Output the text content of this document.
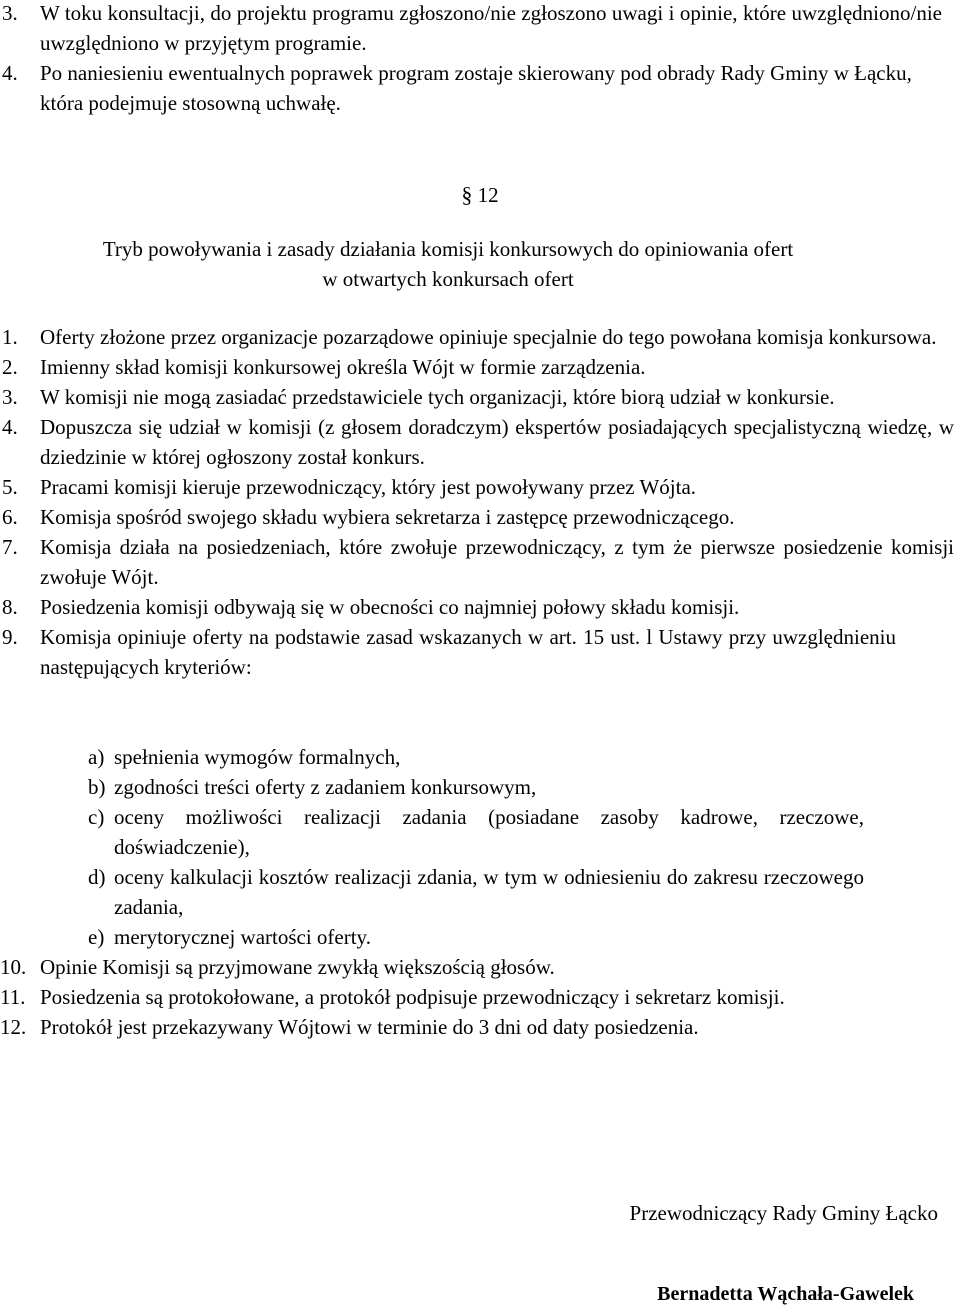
3. W toku konsultacji, do projektu programu zgłoszono/nie zgłoszono uwagi i opinie, które uwzględniono/nie uwzględniono w przyjętym programie.
4. Po naniesieniu ewentualnych poprawek program zostaje skierowany pod obrady Rady Gminy w Łącku, która podejmuje stosowną uchwałę.
§ 12
Tryb powoływania i zasady działania komisji konkursowych do opiniowania ofert
w otwartych konkursach ofert
1. Oferty złożone przez organizacje pozarządowe opiniuje specjalnie do tego powołana komisja konkursowa.
2. Imienny skład komisji konkursowej określa Wójt w formie zarządzenia.
3. W komisji nie mogą zasiadać przedstawiciele tych organizacji, które biorą udział w konkursie.
4. Dopuszcza się udział w komisji (z głosem doradczym) ekspertów posiadających specjalistyczną wiedzę, w dziedzinie w której ogłoszony został konkurs.
5. Pracami komisji kieruje przewodniczący, który jest powoływany przez Wójta.
6. Komisja spośród swojego składu wybiera sekretarza i zastępcę przewodniczącego.
7. Komisja działa na posiedzeniach, które zwołuje przewodniczący, z tym że pierwsze posiedzenie komisji zwołuje Wójt.
8. Posiedzenia komisji odbywają się w obecności co najmniej połowy składu komisji.
9. Komisja opiniuje oferty na podstawie zasad wskazanych w art. 15 ust. l Ustawy przy uwzględnieniu następujących kryteriów:
a) spełnienia wymogów formalnych,
b) zgodności treści oferty z zadaniem konkursowym,
c) oceny możliwości realizacji zadania (posiadane zasoby kadrowe, rzeczowe, doświadczenie),
d) oceny kalkulacji kosztów realizacji zdania, w tym w odniesieniu do zakresu rzeczowego zadania,
e) merytorycznej wartości oferty.
10. Opinie Komisji są przyjmowane zwykłą większością głosów.
11. Posiedzenia są protokołowane, a protokół podpisuje przewodniczący i sekretarz komisji.
12. Protokół jest przekazywany Wójtowi w terminie do 3 dni od daty posiedzenia.
Przewodniczący Rady Gminy Łącko
Bernadetta Wąchała-Gawelek
